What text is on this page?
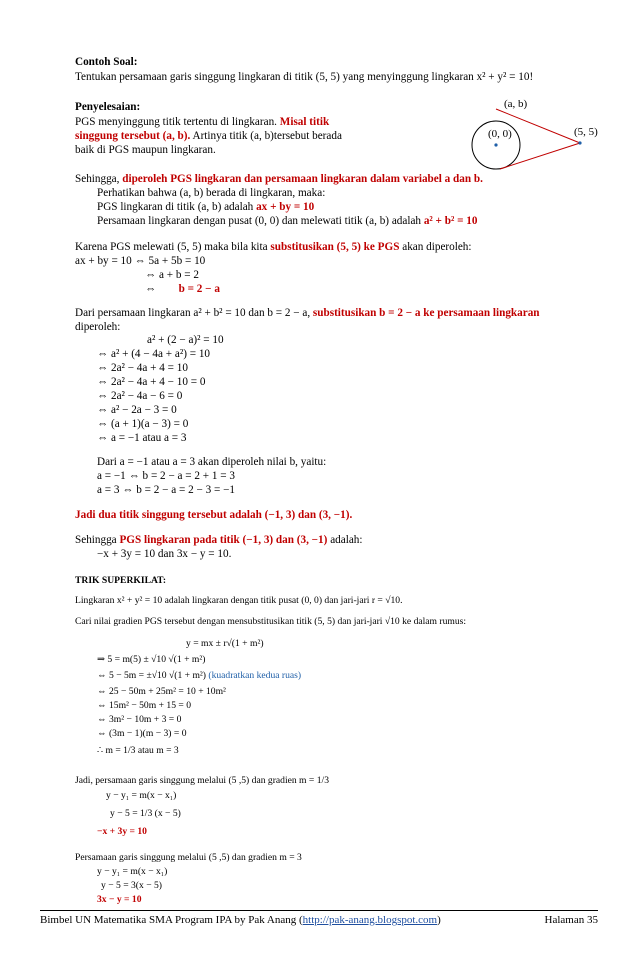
Contoh Soal:
Tentukan persamaan garis singgung lingkaran di titik (5, 5) yang menyinggung lingkaran x² + y² = 10!
Penyelesaian:
PGS menyinggung titik tertentu di lingkaran. Misal titik
singgung tersebut (a, b). Artinya titik (a, b)tersebut berada
baik di PGS maupun lingkaran.
(a, b)
(0, 0)	(5, 5)
Sehingga, diperoleh PGS lingkaran dan persamaan lingkaran dalam variabel a dan b.
Perhatikan bahwa (a, b) berada di lingkaran, maka:
PGS lingkaran di titik (a, b) adalah ax + by = 10
Persamaan lingkaran dengan pusat (0, 0) dan melewati titik (a, b) adalah a² + b² = 10
Karena PGS melewati (5, 5) maka bila kita substitusikan (5, 5) ke PGS akan diperoleh:
ax + by = 10 ⇔ 5a + 5b = 10
⇔ a + b = 2
⇔ b = 2 − a
Dari persamaan lingkaran a² + b² = 10 dan b = 2 − a, substitusikan b = 2 − a ke persamaan lingkaran
diperoleh:
a² + (2 − a)² = 10
⇔ a² + (4 − 4a + a²) = 10
⇔ 2a² − 4a + 4 = 10
⇔ 2a² − 4a + 4 − 10 = 0
⇔ 2a² − 4a − 6 = 0
⇔ a² − 2a − 3 = 0
⇔ (a + 1)(a − 3) = 0
⇔ a = −1 atau a = 3
Dari a = −1 atau a = 3 akan diperoleh nilai b, yaitu:
a = −1 ⇔ b = 2 − a = 2 + 1 = 3
a = 3 ⇔ b = 2 − a = 2 − 3 = −1
Jadi dua titik singgung tersebut adalah (−1, 3) dan (3, −1).
Sehingga PGS lingkaran pada titik (−1, 3) dan (3, −1) adalah:
−x + 3y = 10 dan 3x − y = 10.
TRIK SUPERKILAT:
Lingkaran x² + y² = 10 adalah lingkaran dengan titik pusat (0, 0) dan jari-jari r = √10.
Cari nilai gradien PGS tersebut dengan mensubstitusikan titik (5, 5) dan jari-jari √10 ke dalam rumus:
y = mx ± r√(1 + m²)
⇒ 5 = m(5) ± √10 √(1 + m²)
⇔ 5 − 5m = ±√10 √(1 + m²) (kuadratkan kedua ruas)
⇔ 25 − 50m + 25m² = 10 + 10m²
⇔ 15m² − 50m + 15 = 0
⇔ 3m² − 10m + 3 = 0
⇔ (3m − 1)(m − 3) = 0
∴ m = 1/3 atau m = 3
Jadi, persamaan garis singgung melalui (5 ,5) dan gradien m = 1/3
y − y₁ = m(x − x₁)
y − 5 = 1/3 (x − 5)
−x + 3y = 10
Persamaan garis singgung melalui (5 ,5) dan gradien m = 3
y − y₁ = m(x − x₁)
y − 5 = 3(x − 5)
3x − y = 10
Bimbel UN Matematika SMA Program IPA by Pak Anang (http://pak-anang.blogspot.com)	Halaman 35
